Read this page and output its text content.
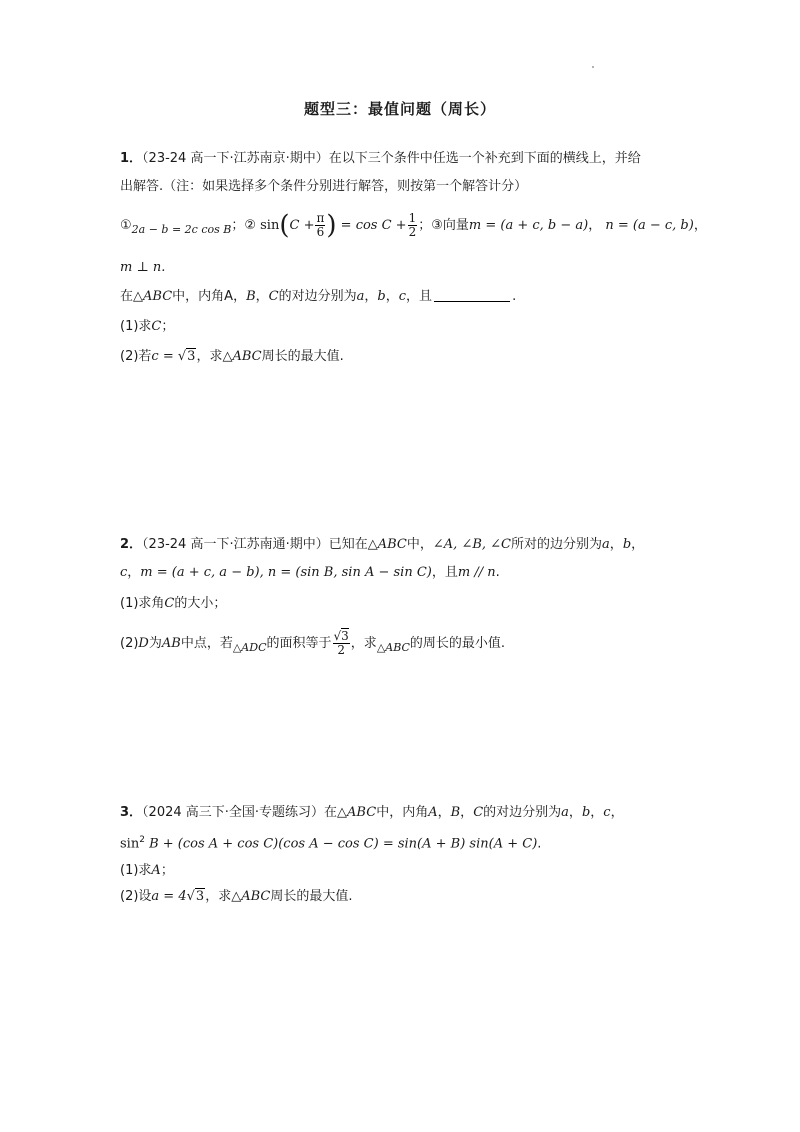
题型三：最值问题（周长）
1．（23-24 高一下·江苏南京·期中）在以下三个条件中任选一个补充到下面的横线上，并给
出解答.（注：如果选择多个条件分别进行解答，则按第一个解答计分）
$①_{2a - b = 2c cos B}$；② $\sin(C + \frac{\pi}{6}$ ) = $\cos C + \frac{1}{2}$ ；③向量m = (a + c, b − a)， n = (a − c, b)，
m ⊥ n.
在△ABC中，内角A，B，C的对边分别为a，b，c，且	.
(1)求C；
(2)若c = √3，求△ABC周长的最大值.
2．（23-24 高一下·江苏南通·期中）已知在△ABC中，∠A, ∠B, ∠C所对的边分别为a，b，
c，m = (a + c, a − b), n = (sin B, sin A − sin C)，且m // n.
(1)求角C的大小；
(2)D为AB中点，若$_{\triangle ADC}$的面积等于 $\frac{√3}{2}$ ，求$_{\triangle ABC}$的周长的最小值.
3．（2024 高三下·全国·专题练习）在△ABC中，内角A，B，C的对边分别为a，b，c，
$\sin^2 B + (\cos$ A + cos C)(cos A − cos C) = sin(A + B) sin(A + C).
(1)求A；
(2)设a = 4√3，求△ABC周长的最大值.
